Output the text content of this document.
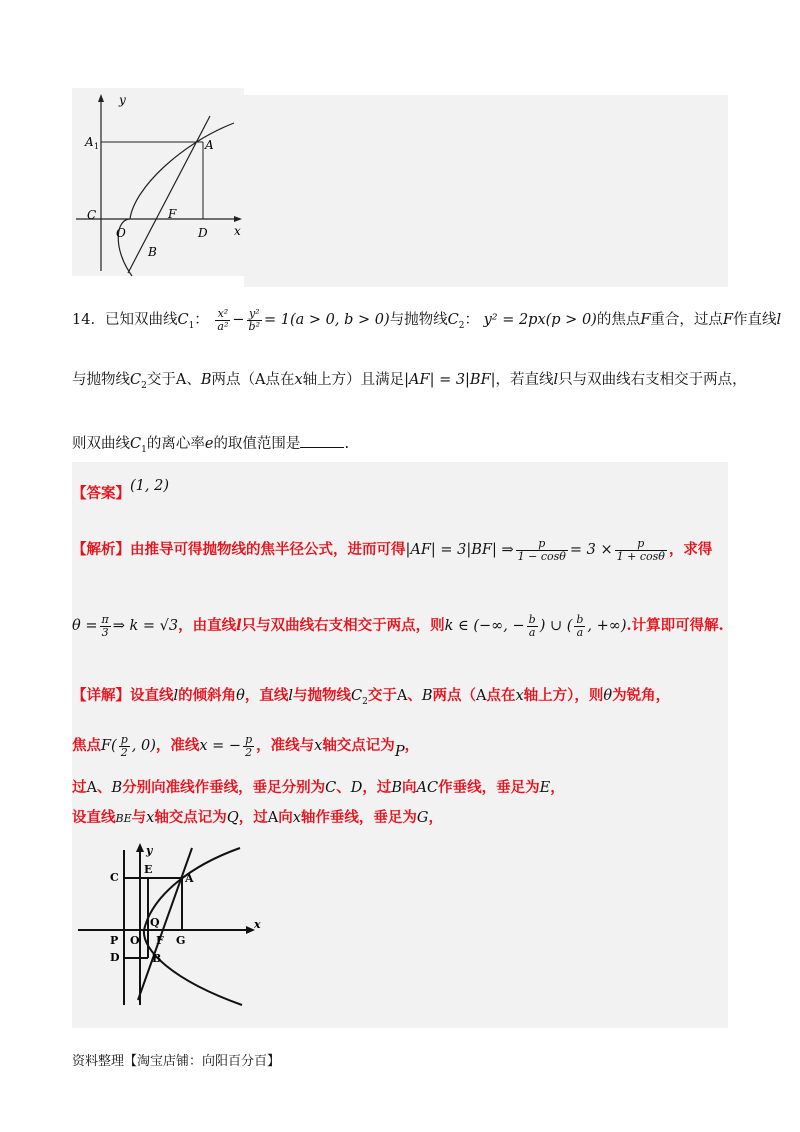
y
x
A 1	A
C	F
O	D
B
14．已知双曲线$C_1$： $\frac{\text{x²}}{\text{a²}} - \frac{\text{y²}}{\text{b²}} = 1(a > 0$, b > 0)与抛物线$C_2$： y² = 2px(p > 0)的焦点F重合，过点F作直线l
与抛物线$C_2$交于A、B两点（A点在x轴上方）且满足|AF| = 3|BF|，若直线l只与双曲线右支相交于两点，
则双曲线$C_1$的离心率e的取值范围是	.
【答案】(1, 2)
【解析】由推导可得抛物线的焦半径公式，进而可得|AF| = 3|BF| ⇒ $\frac{p}{1 - \cos\theta} = 3 \times \frac{p}{1 + \cos\theta}$ ，求得
$\theta = \frac{\pi}{3}$ ⇒ k = √3，由直线l只与双曲线右支相交于两点，则k ∈ (−∞, − $\frac{b}{a}$ ) ∪ ( $\frac{b}{a}$ , +∞).计算即可得解.
【详解】设直线l的倾斜角θ，直线l与抛物线$C_2$交于A、B两点（A点在x轴上方），则θ为锐角，
焦点$F( \frac{p}{2}$ , 0)，准线x = − $\frac{p}{2}$ ，准线与x轴交点记为P，
过A、B分别向准线作垂线，垂足分别为C、D，过B向AC作垂线，垂足为E，
设直线BE与x轴交点记为Q，过A向x轴作垂线，垂足为G，
y
x
C
E
A
Q
P O F G
D	B
资料整理【淘宝店铺：向阳百分百】
